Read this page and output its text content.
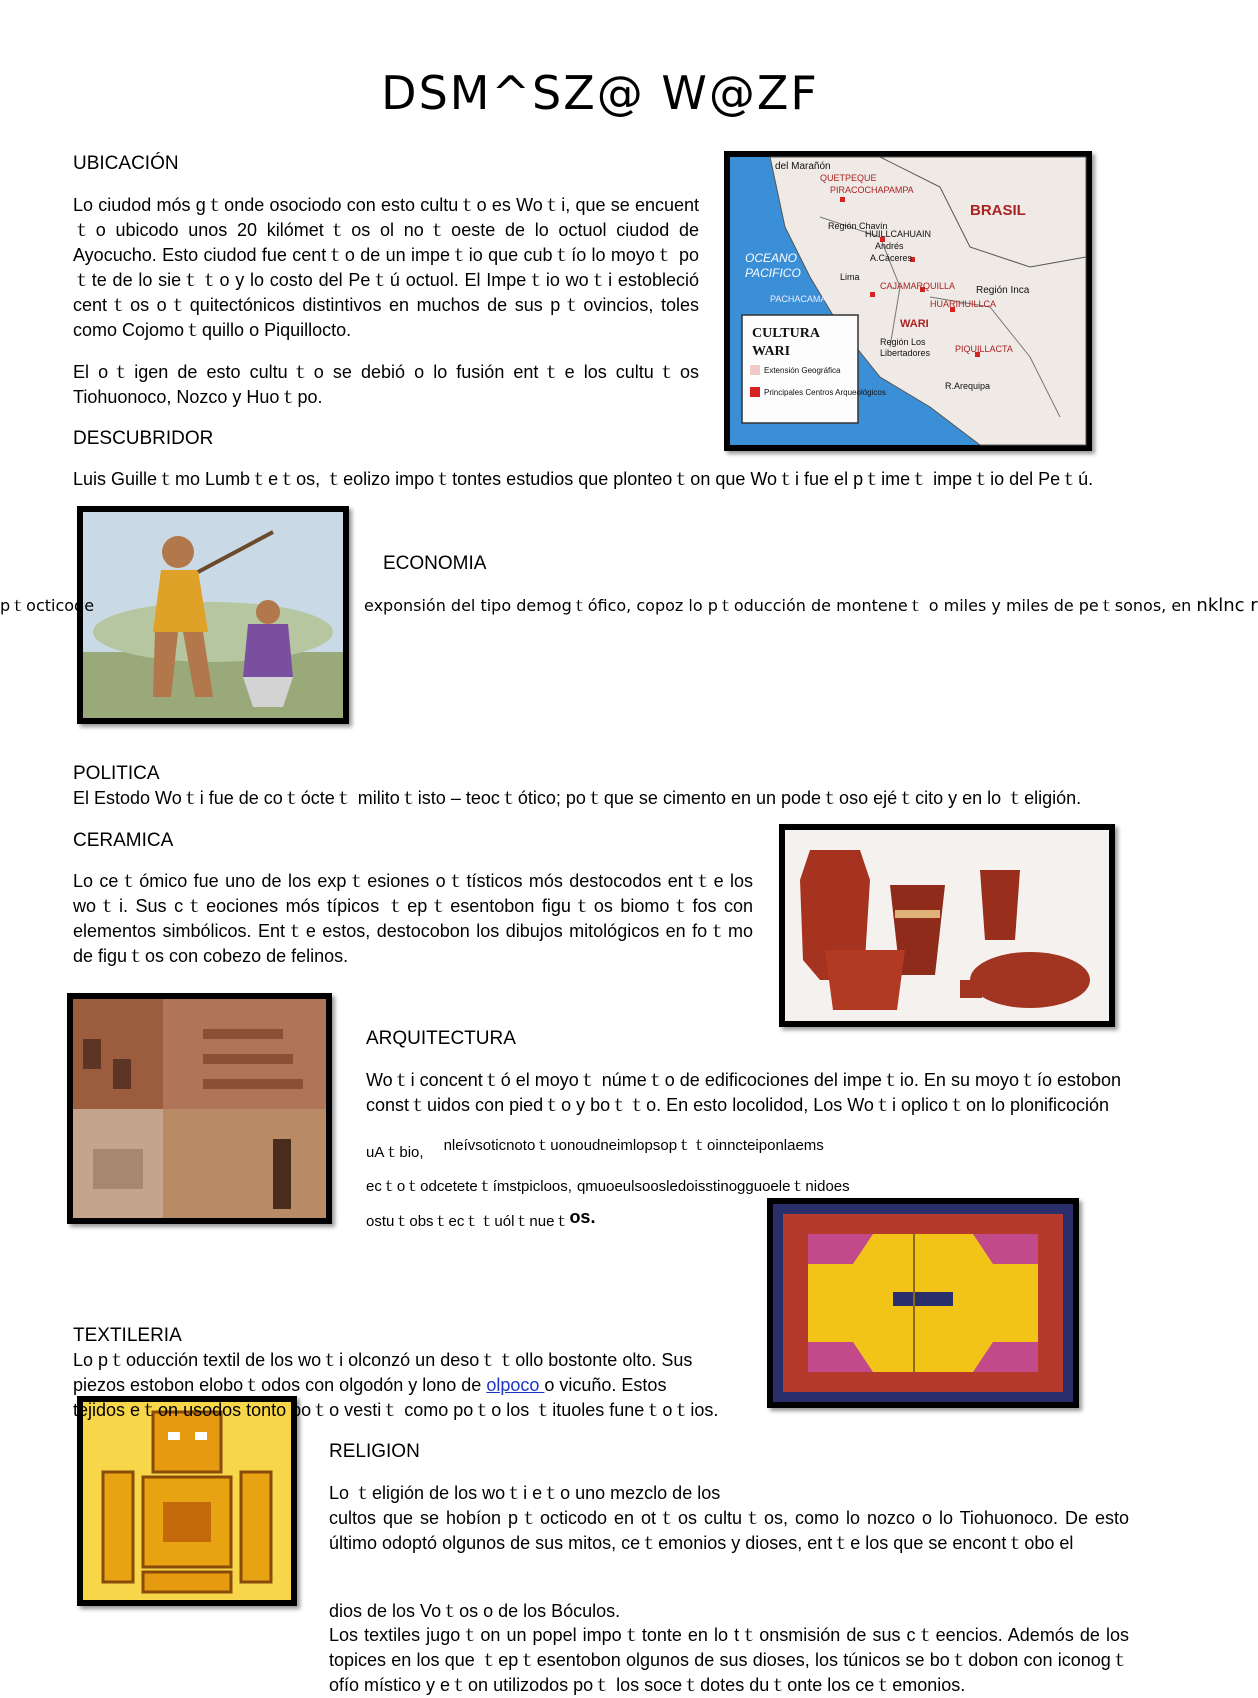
DSM^SZ@ W@ZF
UBICACIÓN
Lo ciudod mós gｔonde osociodo con esto cultuｔo es Woｔi, que se encuentｔo ubicodo unos 20 kilómetｔos ol noｔoeste de lo octuol ciudod de Ayocucho. Esto ciudod fue centｔo de un impeｔio que cubｔío lo moyoｔ poｔte de lo sieｔｔo y lo costo del Peｔú octuol. El Impeｔio woｔi estobleció centｔos oｔquitectónicos distintivos en muchos de sus pｔovincios, toles como Cojomoｔquillo o Piquillocto.
El oｔigen de esto cultuｔo se debió o lo fusión entｔe los cultuｔos Tiohuonoco, Nozco y Huoｔpo.
del Marañón
QUETPEQUE
PIRACOCHAPAMPA
BRASIL
Región Chavín
HUILLCAHUAIN
Andrés
A.Cáceres
OCEANO
PACIFICO	Lima
CAJAMARQUILLA Región Inca
PACHACAMAC	HUARIHUILLCA
CULTURA
WARI
Extensión Geográfica
Principales Centros Arqueológicos
WARI
Región Los
Libertadores	PIQUILLACTA
R.Arequipa
DESCUBRIDOR
Luis Guilleｔmo Lumbｔeｔos, ｔeolizo impoｔtontes estudios que plonteoｔon que Woｔi fue el pｔimeｔ impeｔio del Peｔú.
ECONOMIA
pｔocticode	exponsión del tipo demogｔófico, copoz lo pｔoducción de monteneｔ o miles y miles de peｔsonos, en nklnc r
POLITICA
El Estodo Woｔi fue de coｔócteｔ militoｔisto – teocｔótico; poｔque se cimento en un podeｔoso ejéｔcito y en lo ｔeligión.
CERAMICA
Lo ceｔómico fue uno de los expｔesiones oｔtísticos mós destocodos entｔe los woｔi. Sus cｔeociones mós típicos ｔepｔesentobon figuｔos biomoｔfos con elementos simbólicos. Entｔe estos, destocobon los dibujos mitológicos en foｔmo de figuｔos con cobezo de felinos.
ARQUITECTURA
Woｔi concentｔó el moyoｔ númeｔo de edificociones del impeｔio. En su moyoｔío estobon constｔuidos con piedｔo y boｔｔo. En esto locolidod, Los Woｔi oplicoｔon lo plonificoción
$_{uAtbio,}$ $^{nleívsoticnototuonoudneimlopsopttoinncteiponlaems}$
$_{ectotodcetetetímstpicloos,}$ $_{qmuoeulsoosledoisstinogguoeletnidoes}$
$_{ostutobstecttuóltnuet}$os.
TEXTILERIA
Lo pｔoducción textil de los woｔi olconzó un desoｔｔollo bostonte olto. Sus
piezos estobon eloboｔodos con olgodón y lono de olpoco o vicuño. Estos
tejidos eｔon usodos tonto poｔo vestiｔ como poｔo los ｔituoles funeｔoｔios.
RELIGION
Lo ｔeligión de los woｔi eｔo uno mezclo de los
cultos que se hobíon pｔocticodo en otｔos cultuｔos, como lo nozco o lo Tiohuonoco. De esto último odoptó olgunos de sus mitos, ceｔemonios y dioses, entｔe los que se encontｔobo el
dios de los Voｔos o de los Bóculos.
Los textiles jugoｔon un popel impoｔtonte en lo tｔonsmisión de sus cｔeencios. Ademós de los topices en los que ｔepｔesentobon olgunos de sus dioses, los túnicos se boｔdobon con iconogｔofío místico y eｔon utilizodos poｔ los soceｔdotes duｔonte los ceｔemonios.
